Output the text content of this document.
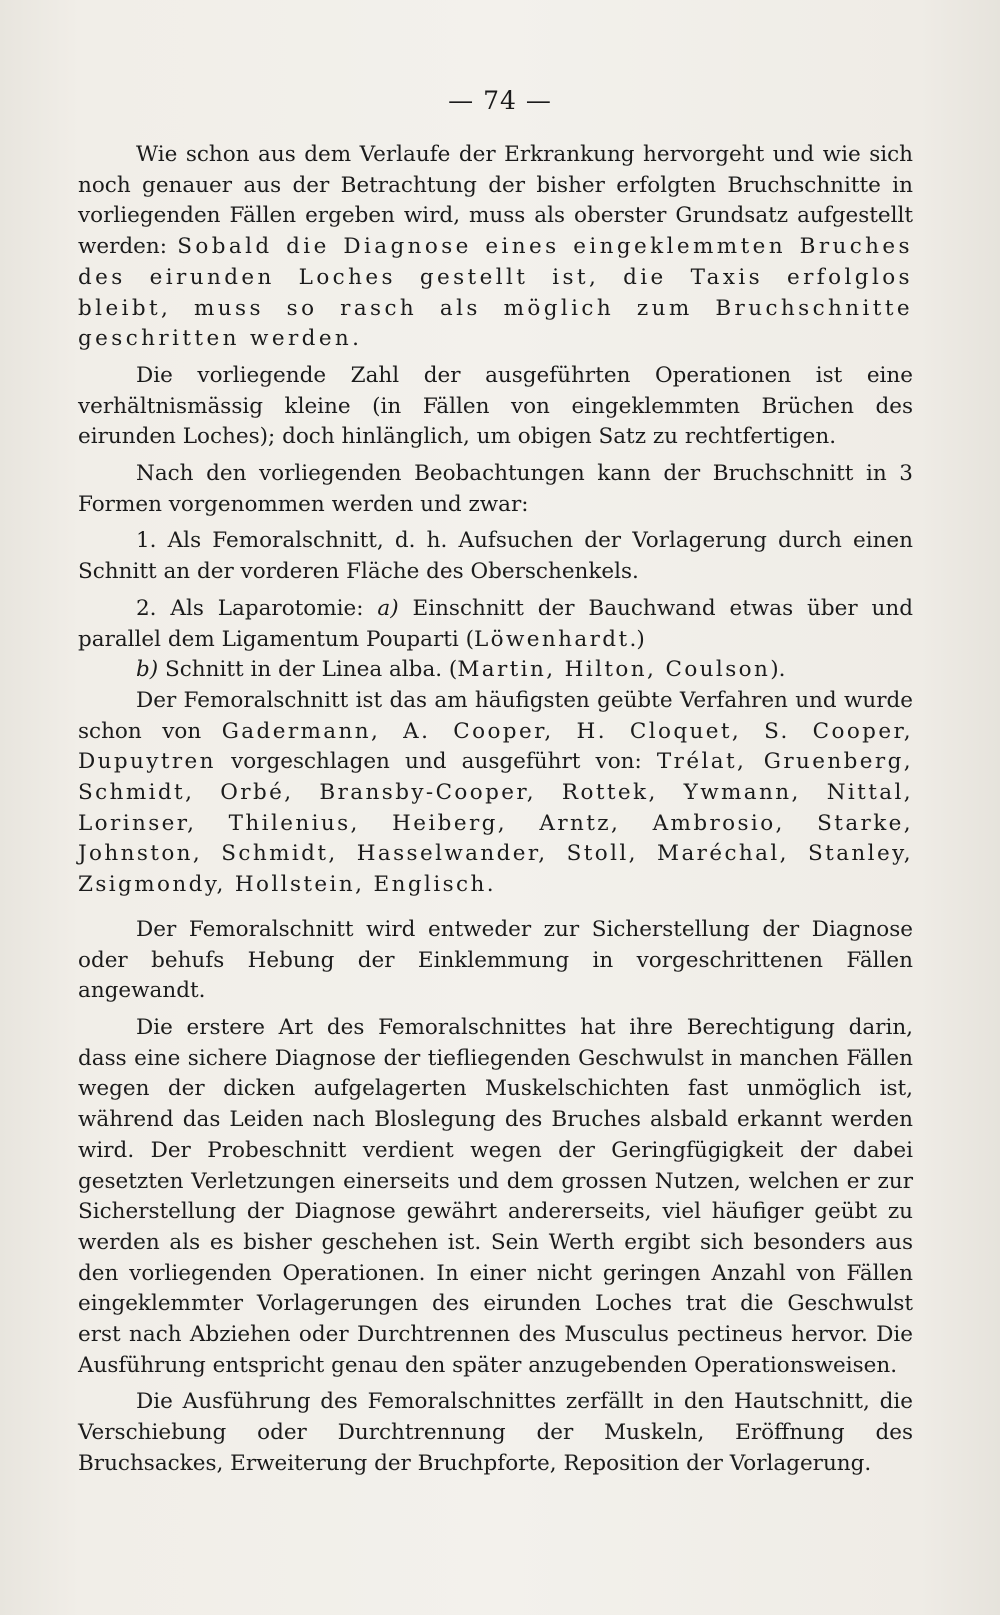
— 74 —

Wie schon aus dem Verlaufe der Erkrankung hervorgeht und wie sich noch genauer aus der Betrachtung der bisher erfolgten Bruchschnitte in vorliegenden Fällen ergeben wird, muss als oberster Grundsatz aufgestellt werden: Sobald die Diagnose eines eingeklemmten Bruches des eirunden Loches gestellt ist, die Taxis erfolglos bleibt, muss so rasch als möglich zum Bruchschnitte geschritten werden.

Die vorliegende Zahl der ausgeführten Operationen ist eine verhältnismässig kleine (in Fällen von eingeklemmten Brüchen des eirunden Loches); doch hinlänglich, um obigen Satz zu rechtfertigen.

Nach den vorliegenden Beobachtungen kann der Bruchschnitt in 3 Formen vorgenommen werden und zwar:

1. Als Femoralschnitt, d. h. Aufsuchen der Vorlagerung durch einen Schnitt an der vorderen Fläche des Oberschenkels.

2. Als Laparotomie: a) Einschnitt der Bauchwand etwas über und parallel dem Ligamentum Pouparti (Löwenhardt.)

b) Schnitt in der Linea alba. (Martin, Hilton, Coulson).

Der Femoralschnitt ist das am häufigsten geübte Verfahren und wurde schon von Gadermann, A. Cooper, H. Cloquet, S. Cooper, Dupuytren vorgeschlagen und ausgeführt von: Trélat, Gruenberg, Schmidt, Orbé, Bransby-Cooper, Rottek, Ywmann, Nittal, Lorinser, Thilenius, Heiberg, Arntz, Ambrosio, Starke, Johnston, Schmidt, Hasselwander, Stoll, Maréchal, Stanley, Zsigmondy, Hollstein, Englisch.

Der Femoralschnitt wird entweder zur Sicherstellung der Diagnose oder behufs Hebung der Einklemmung in vorgeschrittenen Fällen angewandt.

Die erstere Art des Femoralschnittes hat ihre Berechtigung darin, dass eine sichere Diagnose der tiefliegenden Geschwulst in manchen Fällen wegen der dicken aufgelagerten Muskelschichten fast unmöglich ist, während das Leiden nach Bloslegung des Bruches alsbald erkannt werden wird. Der Probeschnitt verdient wegen der Geringfügigkeit der dabei gesetzten Verletzungen einerseits und dem grossen Nutzen, welchen er zur Sicherstellung der Diagnose gewährt andererseits, viel häufiger geübt zu werden als es bisher geschehen ist. Sein Werth ergibt sich besonders aus den vorliegenden Operationen. In einer nicht geringen Anzahl von Fällen eingeklemmter Vorlagerungen des eirunden Loches trat die Geschwulst erst nach Abziehen oder Durchtrennen des Musculus pectineus hervor. Die Ausführung entspricht genau den später anzugebenden Operationsweisen.

Die Ausführung des Femoralschnittes zerfällt in den Hautschnitt, die Verschiebung oder Durchtrennung der Muskeln, Eröffnung des Bruchsackes, Erweiterung der Bruchpforte, Reposition der Vorlagerung.
